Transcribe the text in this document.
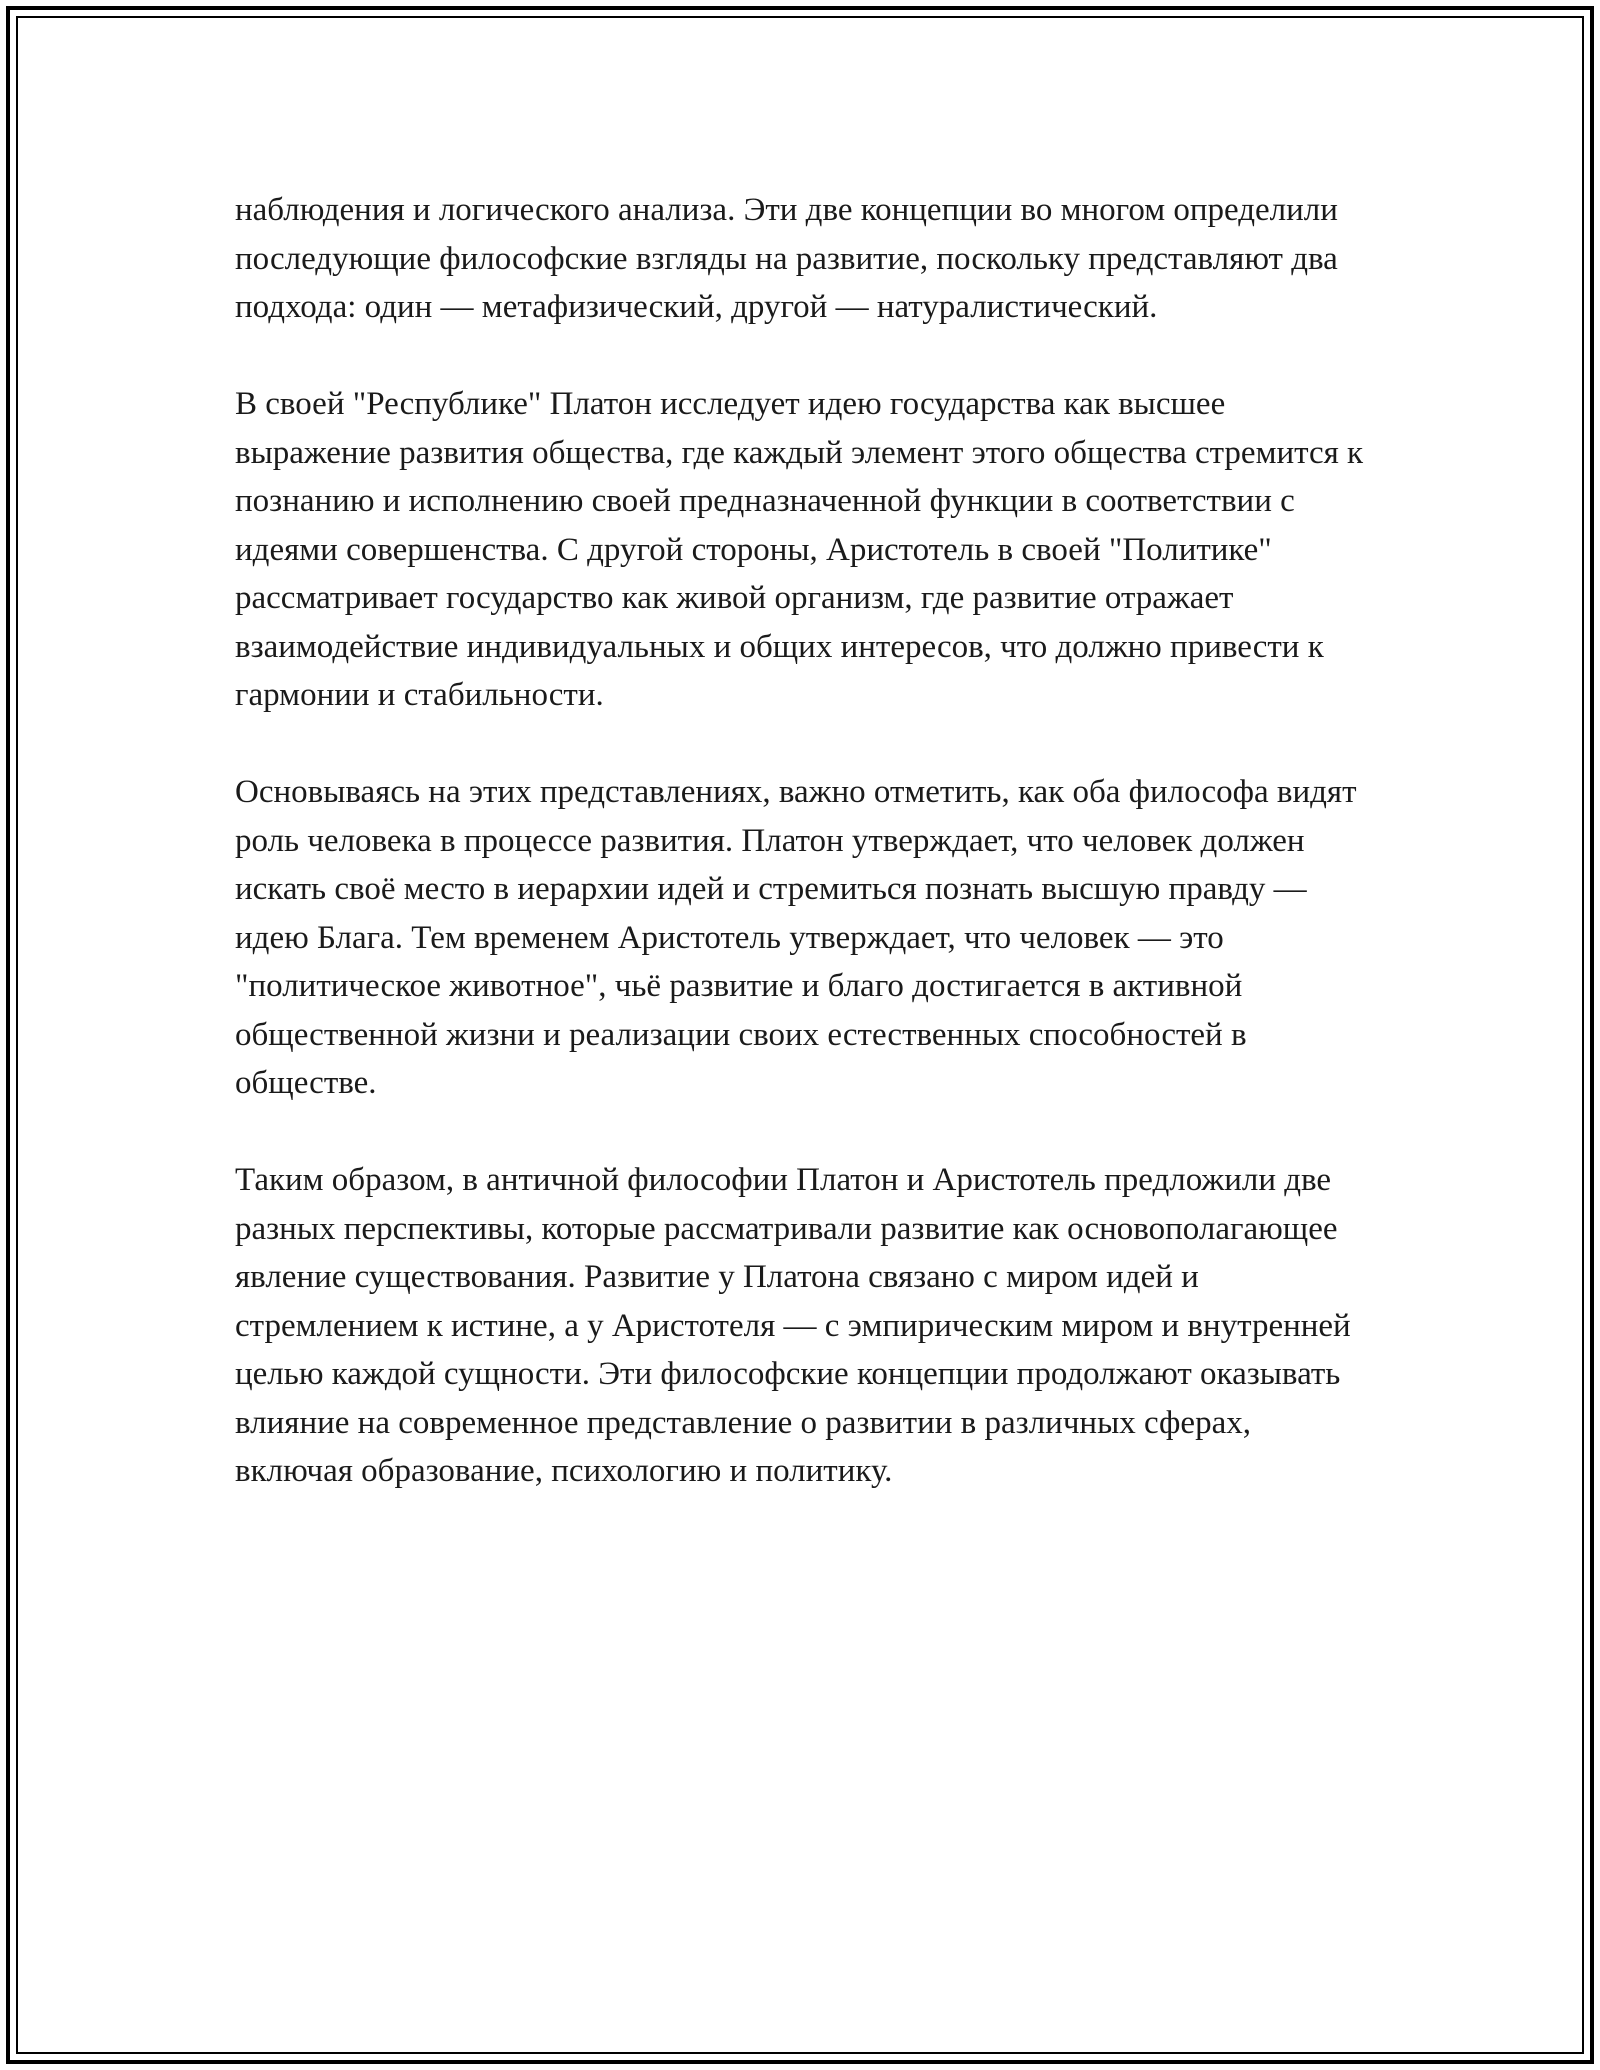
наблюдения и логического анализа. Эти две концепции во многом определили последующие философские взгляды на развитие, поскольку представляют два подхода: один — метафизический, другой — натуралистический.

В своей "Республике" Платон исследует идею государства как высшее выражение развития общества, где каждый элемент этого общества стремится к познанию и исполнению своей предназначенной функции в соответствии с идеями совершенства. С другой стороны, Аристотель в своей "Политике" рассматривает государство как живой организм, где развитие отражает взаимодействие индивидуальных и общих интересов, что должно привести к гармонии и стабильности.

Основываясь на этих представлениях, важно отметить, как оба философа видят роль человека в процессе развития. Платон утверждает, что человек должен искать своё место в иерархии идей и стремиться познать высшую правду — идею Блага. Тем временем Аристотель утверждает, что человек — это "политическое животное", чьё развитие и благо достигается в активной общественной жизни и реализации своих естественных способностей в обществе.

Таким образом, в античной философии Платон и Аристотель предложили две разных перспективы, которые рассматривали развитие как основополагающее явление существования. Развитие у Платона связано с миром идей и стремлением к истине, а у Аристотеля — с эмпирическим миром и внутренней целью каждой сущности. Эти философские концепции продолжают оказывать влияние на современное представление о развитии в различных сферах, включая образование, психологию и политику.
